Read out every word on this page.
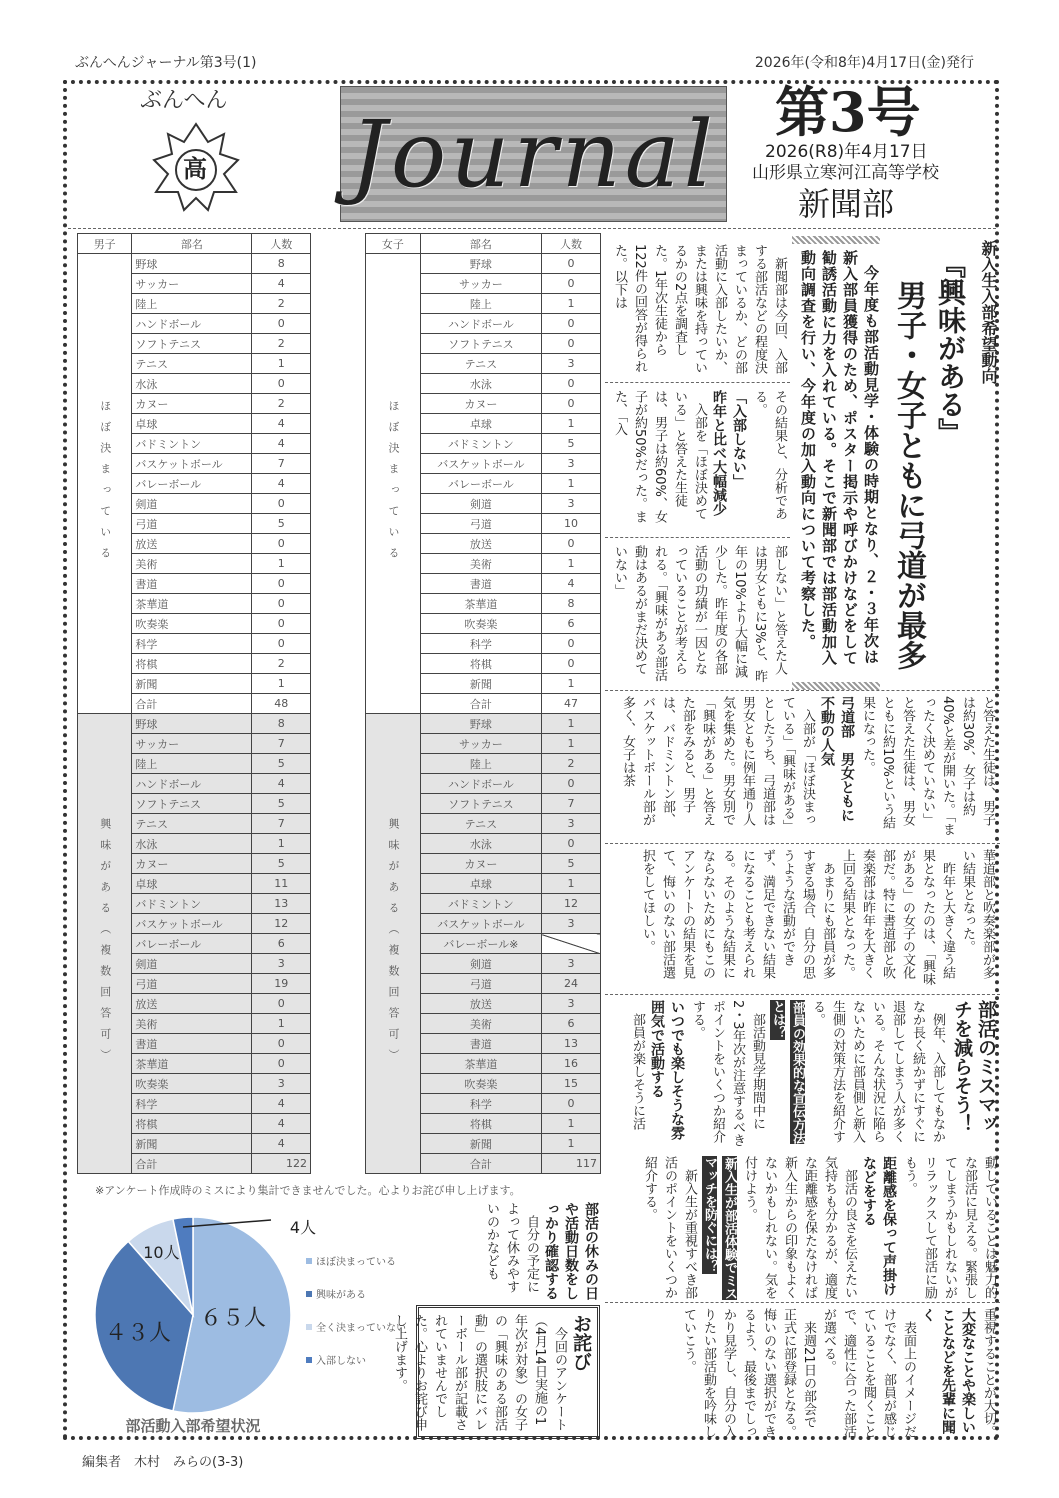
ぶんへんジャーナル第3号(1)	2026年(令和8年)4月17日(金)発行
ぶんへん
高 Journal 第3号
2026(R8)年4月17日
山形県立寒河江高等学校
新聞部
男子	部名	人数
ほぼ決まっている	野球	8
	サッカー	4
	陸上	2
	ハンドボール	0
	ソフトテニス	2
	テニス	1
	水泳	0
	カヌー	2
	卓球	4
	バドミントン	4
	バスケットボール	7
	バレーボール	4
	剣道	0
	弓道	5
	放送	0
	美術	1
	書道	0
	茶華道	0
	吹奏楽	0
	科学	0
	将棋	2
	新聞	1
	合計	48
興味がある（複数回答可）	野球	8
	サッカー	7
	陸上	5
	ハンドボール	4
	ソフトテニス	5
	テニス	7
	水泳	1
	カヌー	5
	卓球	11
	バドミントン	13
	バスケットボール	12
	バレーボール	6
	剣道	3
	弓道	19
	放送	0
	美術	1
	書道	0
	茶華道	0
	吹奏楽	3
	科学	4
	将棋	4
	新聞	4
	合計	122
女子	部名	人数
ほぼ決まっている	野球	0
	サッカー	0
	陸上	1
	ハンドボール	0
	ソフトテニス	0
	テニス	3
	水泳	0
	カヌー	0
	卓球	1
	バドミントン	5
	バスケットボール	3
	バレーボール	1
	剣道	3
	弓道	10
	放送	0
	美術	1
	書道	4
	茶華道	8
	吹奏楽	6
	科学	0
	将棋	0
	新聞	1
	合計	47
興味がある（複数回答可）	野球	1
	サッカー	1
	陸上	2
	ハンドボール	0
	ソフトテニス	7
	テニス	3
	水泳	0
	カヌー	5
	卓球	1
	バドミントン	12
	バスケットボール	3
	バレーボール※	
	剣道	3
	弓道	24
	放送	3
	美術	6
	書道	13
	茶華道	16
	吹奏楽	15
	科学	0
	将棋	1
	新聞	1
	合計	117
※アンケート作成時のミスにより集計できませんでした。心よりお詫び申し上げます。
６５人
４３人
10人
4人
ほぼ決まっている
興味がある
全く決まっていない
入部しない
部活動入部希望状況
新入生入部希望動向
『興味がある』
男子・女子ともに弓道が最多

今年度も部活動見学・体験の時期となり、２・３年次は新入部員獲得のため、ポスター掲示や呼びかけなどをして勧誘活動に力を入れている。そこで新聞部では部活動加入動向調査を行い、今年度の加入動向について考察した。

新聞部は今回、入部する部活などの程度決まっているか、どの部活動に入部したいか、または興味を持っているかの2点を調査した。1年次生徒から122件の回答が得られた。以下は

その結果と、分析である。

「入部しない」

昨年と比べ大幅減少

入部を「ほぼ決めている」と答えた生徒は、男子は約60%、女子が約50%だった。また、「入

部しない」と答えた人は男女ともに3%と、昨年の10%より大幅に減少した。昨年度の各部活動の功績が一因となっていることが考えられる。「興味がある部活動はあるがまだ決めていない」

と答えた生徒は、男子は約30%、女子は約40%と差が開いた。「まったく決めていない」と答えた生徒は、男女ともに約10%という結果になった。

弓道部　男女ともに

不動の人気

入部が「ほぼ決まっている」「興味がある」としたうち、弓道部は男女ともに例年通り人気を集めた。男女別で「興味がある」と答えた部をみると、男子は、バドミントン部、バスケットボール部が多く、女子は茶

華道部と吹奏楽部が多い結果となった。

昨年と大きく違う結果となったのは、「興味がある」の女子の文化部だ。特に書道部と吹奏楽部は昨年を大きく上回る結果となった。

あまりにも部員が多すぎる場合、自分の思うような活動ができず、満足できない結果になることも考えられる。そのような結果にならないためにもこのアンケートの結果を見て、悔いのない部活選択をしてほしい。

部活のミスマッチを減らそう！

例年、入部してもなかなか長く続かずにすぐに退部してしまう人が多くいる。そんな状況に陥らないために部員側と新入生側の対策方法を紹介する。

部員の効果的な宣伝方法とは？

部活動見学期間中に2・3年次が注意するべきポイントをいくつか紹介する。

いつでも楽しそうな雰囲気で活動する

部員が楽しそうに活

動していることは魅力的な部活に見える。緊張してしまうかもしれないがリラックスして部活に励もう。

距離感を保って声掛けなどをする

部活の良さを伝えたい気持ちも分かるが、適度な距離感を保たなければ新入生からの印象もよくないかもしれない。気を付けよう。

新入生が部活体験でミスマッチを防ぐには？

新入生が重視すべき部活のポイントをいくつか紹介する。

部活の休みの日や活動日数をしっかり確認する

自分の予定によって休みやすいのかなども

重視することが大切。

大変なことや楽しいことなどを先輩に聞く

表面上のイメージだけでなく、部員が感じていることを聞くことで、適性に合った部活が選べる。

来週21日の部会で正式に部登録となる。悔いのない選択ができるよう、最後までしっかり見学し、自分の入りたい部活動を吟味していこう。

お詫び

今回のアンケート（4月14日実施の1年次が対象）の女子の「興味のある部活動」の選択肢にバレーボール部が記載されていませんでした。心よりお詫び申し上げます。

編集者　木村　みらの(3-3)
